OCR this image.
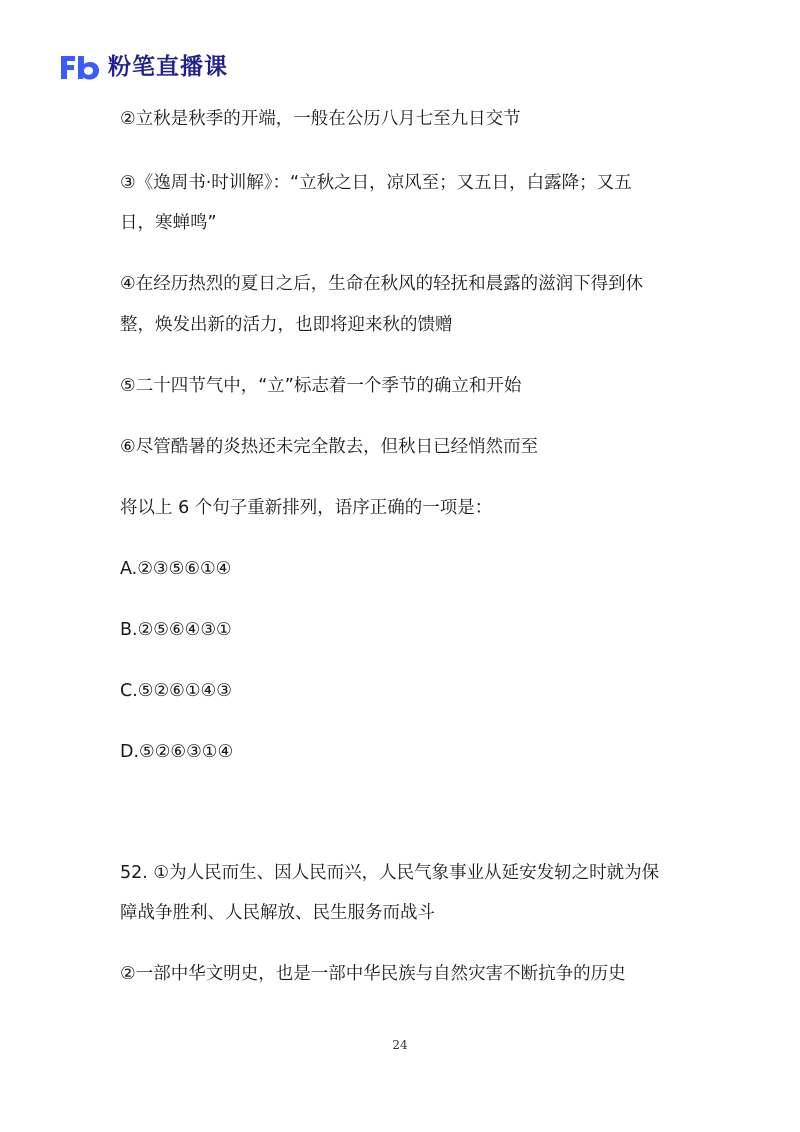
粉笔直播课
②立秋是秋季的开端，一般在公历八月七至九日交节
③《逸周书·时训解》：“立秋之日，凉风至；又五日，白露降；又五
日，寒蝉鸣”
④在经历热烈的夏日之后，生命在秋风的轻抚和晨露的滋润下得到休
整，焕发出新的活力，也即将迎来秋的馈赠
⑤二十四节气中，“立”标志着一个季节的确立和开始
⑥尽管酷暑的炎热还未完全散去，但秋日已经悄然而至
将以上 6 个句子重新排列，语序正确的一项是：
A.②③⑤⑥①④
B.②⑤⑥④③①
C.⑤②⑥①④③
D.⑤②⑥③①④
52. ①为人民而生、因人民而兴，人民气象事业从延安发轫之时就为保
障战争胜利、人民解放、民生服务而战斗
②一部中华文明史，也是一部中华民族与自然灾害不断抗争的历史
24
